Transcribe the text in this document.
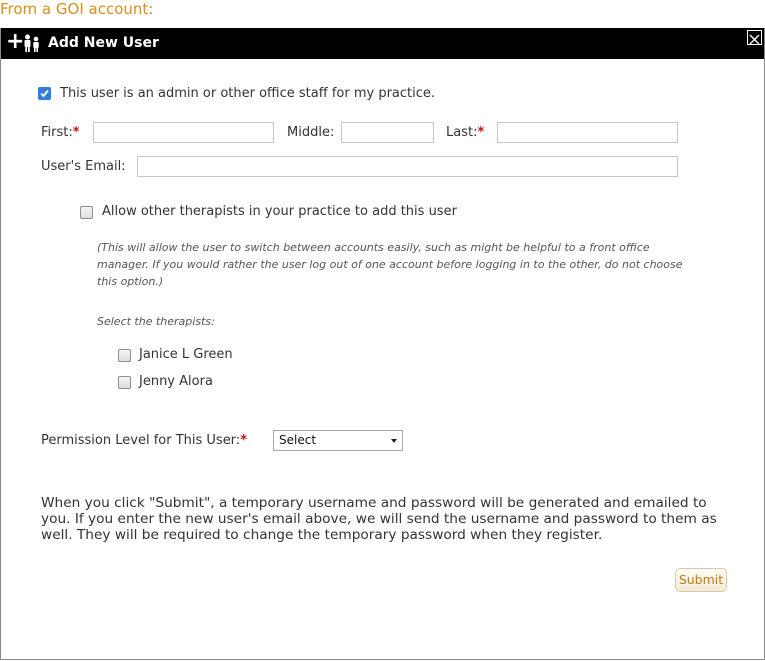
From a GOI account:
+ Add New User
This user is an admin or other office staff for my practice.
First:*	Middle:	Last:*
User's Email:
Allow other therapists in your practice to add this user
(This will allow the user to switch between accounts easily, such as might be helpful to a front office manager. If you would rather the user log out of one account before logging in to the other, do not choose this option.)
Select the therapists:
Janice L Green
Jenny Alora
Permission Level for This User:*	Select
When you click "Submit", a temporary username and password will be generated and emailed to you. If you enter the new user's email above, we will send the username and password to them as well. They will be required to change the temporary password when they register.
Submit
